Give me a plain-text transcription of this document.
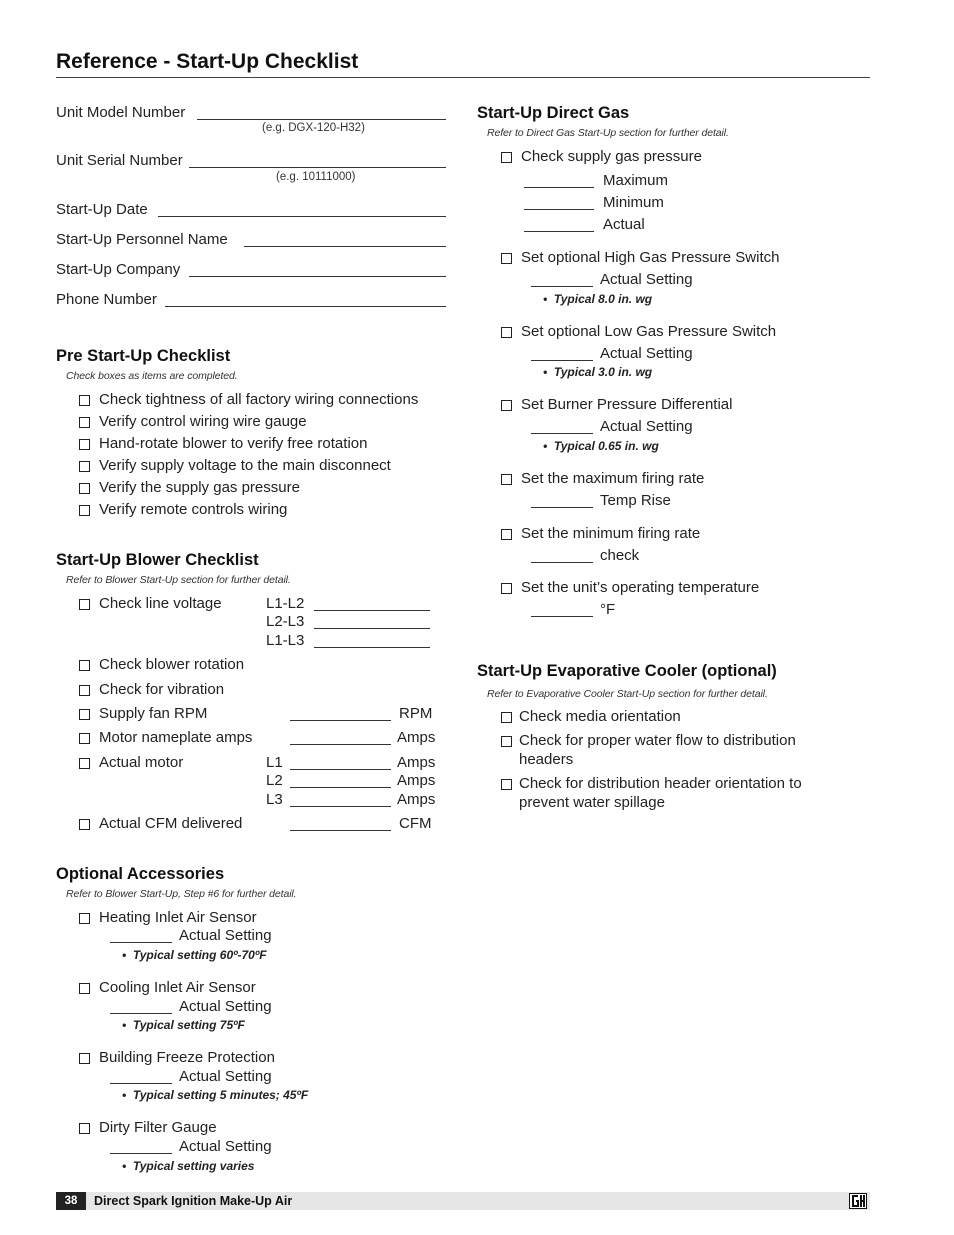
Reference - Start-Up Checklist
Unit Model Number
(e.g. DGX-120-H32)
Unit Serial Number
(e.g. 10111000)
Start-Up Date
Start-Up Personnel Name
Start-Up Company
Phone Number
Pre Start-Up Checklist
Check boxes as items are completed.
Check tightness of all factory wiring connections
Verify control wiring wire gauge
Hand-rotate blower to verify free rotation
Verify supply voltage to the main disconnect
Verify the supply gas pressure
Verify remote controls wiring
Start-Up Blower Checklist
Refer to Blower Start-Up section for further detail.
Check line voltage	L1-L2
L2-L3
L1-L3
Check blower rotation
Check for vibration
Supply fan RPM	RPM
Motor nameplate amps	Amps
Actual motor	L1	Amps
L2	Amps
L3	Amps
Actual CFM delivered	CFM
Optional Accessories
Refer to Blower Start-Up, Step #6 for further detail.
Heating Inlet Air Sensor
Actual Setting
•  Typical setting 60º-70ºF
Cooling Inlet Air Sensor
Actual Setting
•  Typical setting 75ºF
Building Freeze Protection
Actual Setting
•  Typical setting 5 minutes; 45ºF
Dirty Filter Gauge
Actual Setting
•  Typical setting varies
Start-Up Direct Gas
Refer to Direct Gas Start-Up section for further detail.
Check supply gas pressure
Maximum
Minimum
Actual
Set optional High Gas Pressure Switch
Actual Setting
•  Typical 8.0 in. wg
Set optional Low Gas Pressure Switch
Actual Setting
•  Typical 3.0 in. wg
Set Burner Pressure Differential
Actual Setting
•  Typical 0.65 in. wg
Set the maximum firing rate
Temp Rise
Set the minimum firing rate
check
Set the unit’s operating temperature
°F
Start-Up Evaporative Cooler (optional)
Refer to Evaporative Cooler Start-Up section for further detail.
Check media orientation
Check for proper water flow to distribution
headers
Check for distribution header orientation to
prevent water spillage
38	Direct Spark Ignition Make-Up Air
